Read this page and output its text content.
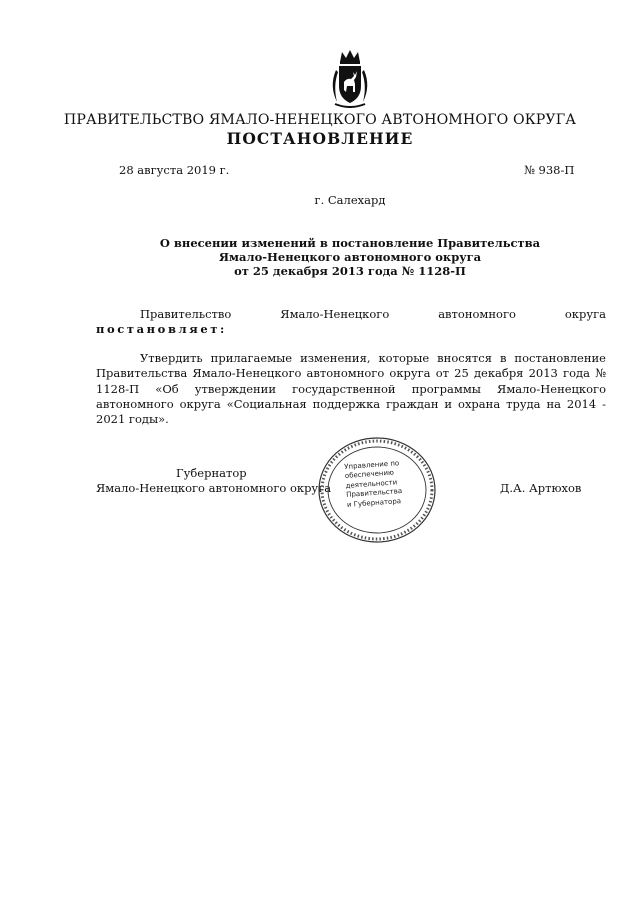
ПРАВИТЕЛЬСТВО ЯМАЛО-НЕНЕЦКОГО АВТОНОМНОГО ОКРУГА
ПОСТАНОВЛЕНИЕ
28 августа 2019 г.	№ 938-П
г. Салехард
О внесении изменений в постановление Правительства
Ямало-Ненецкого автономного округа
от 25 декабря 2013 года № 1128-П
Правительство	Ямало-Ненецкого	автономного	округа
постановляет:

Утвердить прилагаемые изменения, которые вносятся в постановление Правительства Ямало-Ненецкого автономного округа от 25 декабря 2013 года № 1128-П «Об утверждении государственной программы Ямало-Ненецкого автономного округа «Социальная поддержка граждан и охрана труда на 2014 - 2021 годы».

Губернатор
Ямало-Ненецкого автономного округа	Д.А. Артюхов
Управление по
обеспечению
деятельности
Правительства
и Губернатора
